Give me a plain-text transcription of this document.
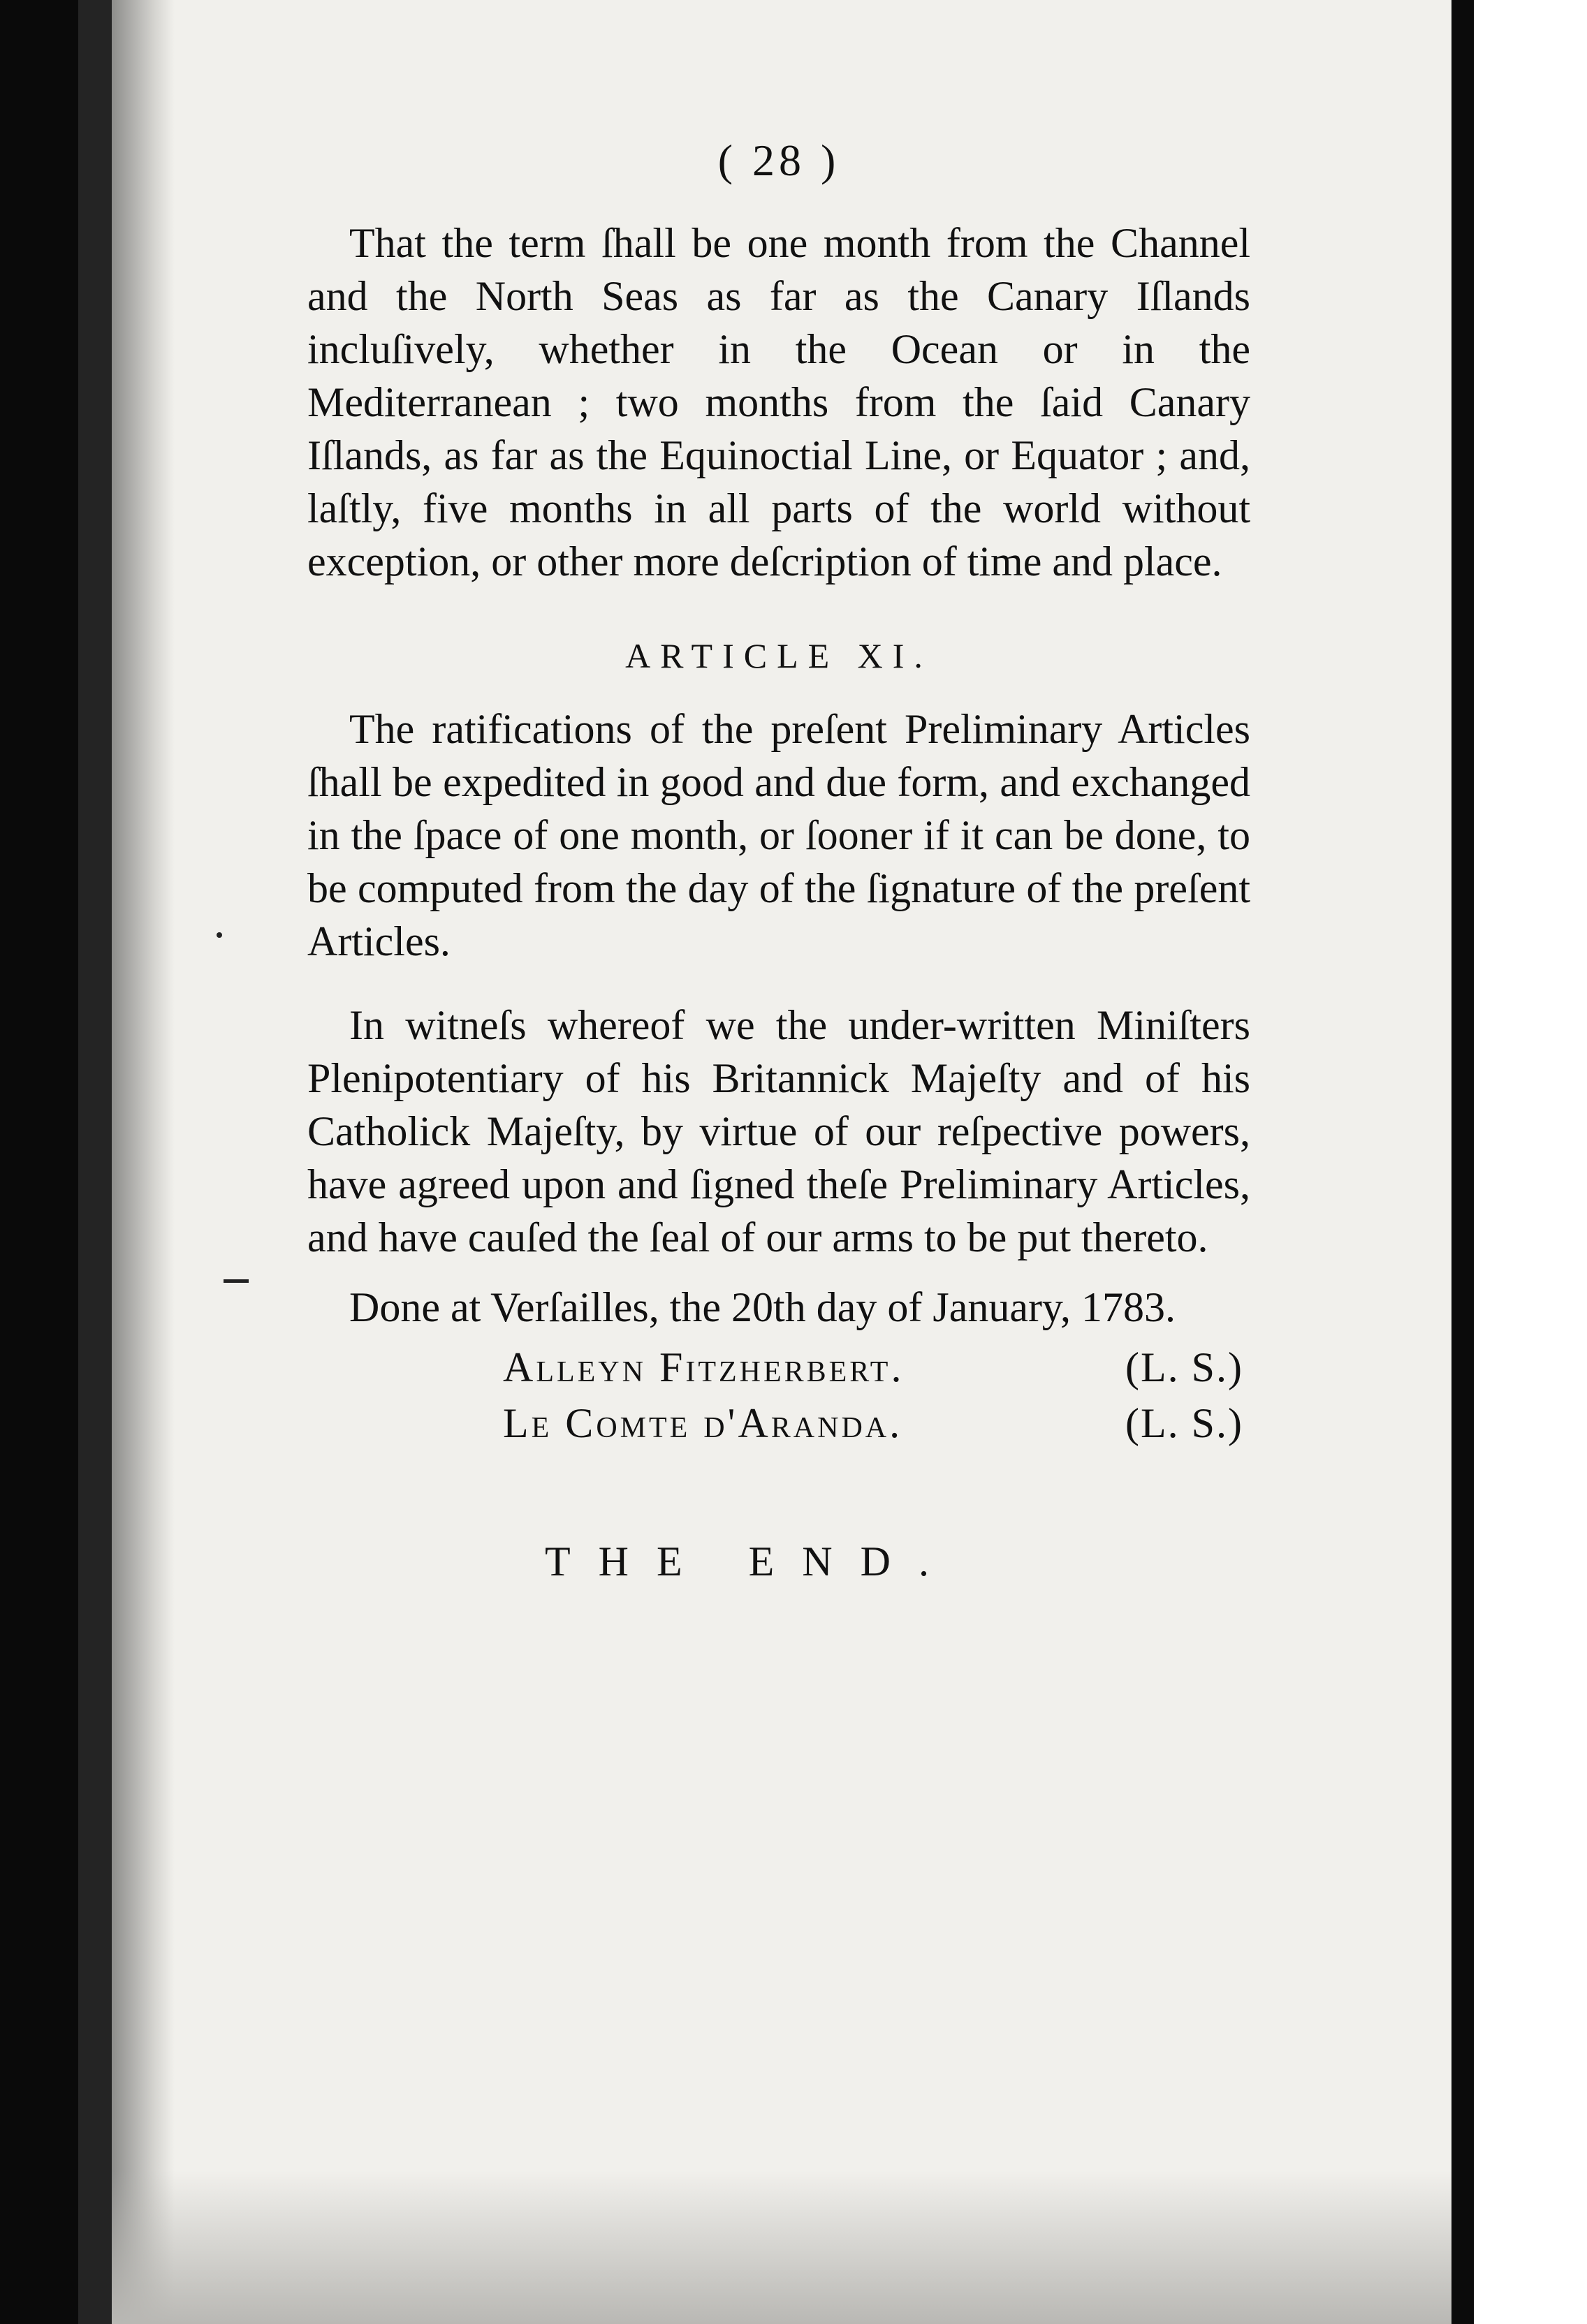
( 28 )

That the term ſhall be one month from the Channel and the North Seas as far as the Canary Iſlands incluſively, whether in the Ocean or in the Mediterranean ; two months from the ſaid Canary Iſlands, as far as the Equinoctial Line, or Equator ; and, laſtly, five months in all parts of the world without exception, or other more deſcription of time and place.

ARTICLE XI.

The ratifications of the preſent Preliminary Articles ſhall be expedited in good and due form, and exchanged in the ſpace of one month, or ſooner if it can be done, to be computed from the day of the ſignature of the preſent Articles.

In witneſs whereof we the under-written Miniſters Plenipotentiary of his Britannick Majeſty and of his Catholick Majeſty, by virtue of our reſpective powers, have agreed upon and ſigned theſe Preliminary Articles, and have cauſed the ſeal of our arms to be put thereto.

Done at Verſailles, the 20th day of January, 1783.

Alleyn Fitzherbert.	(L. S.)
Le Comte d'Aranda.	(L. S.)
THE END.
